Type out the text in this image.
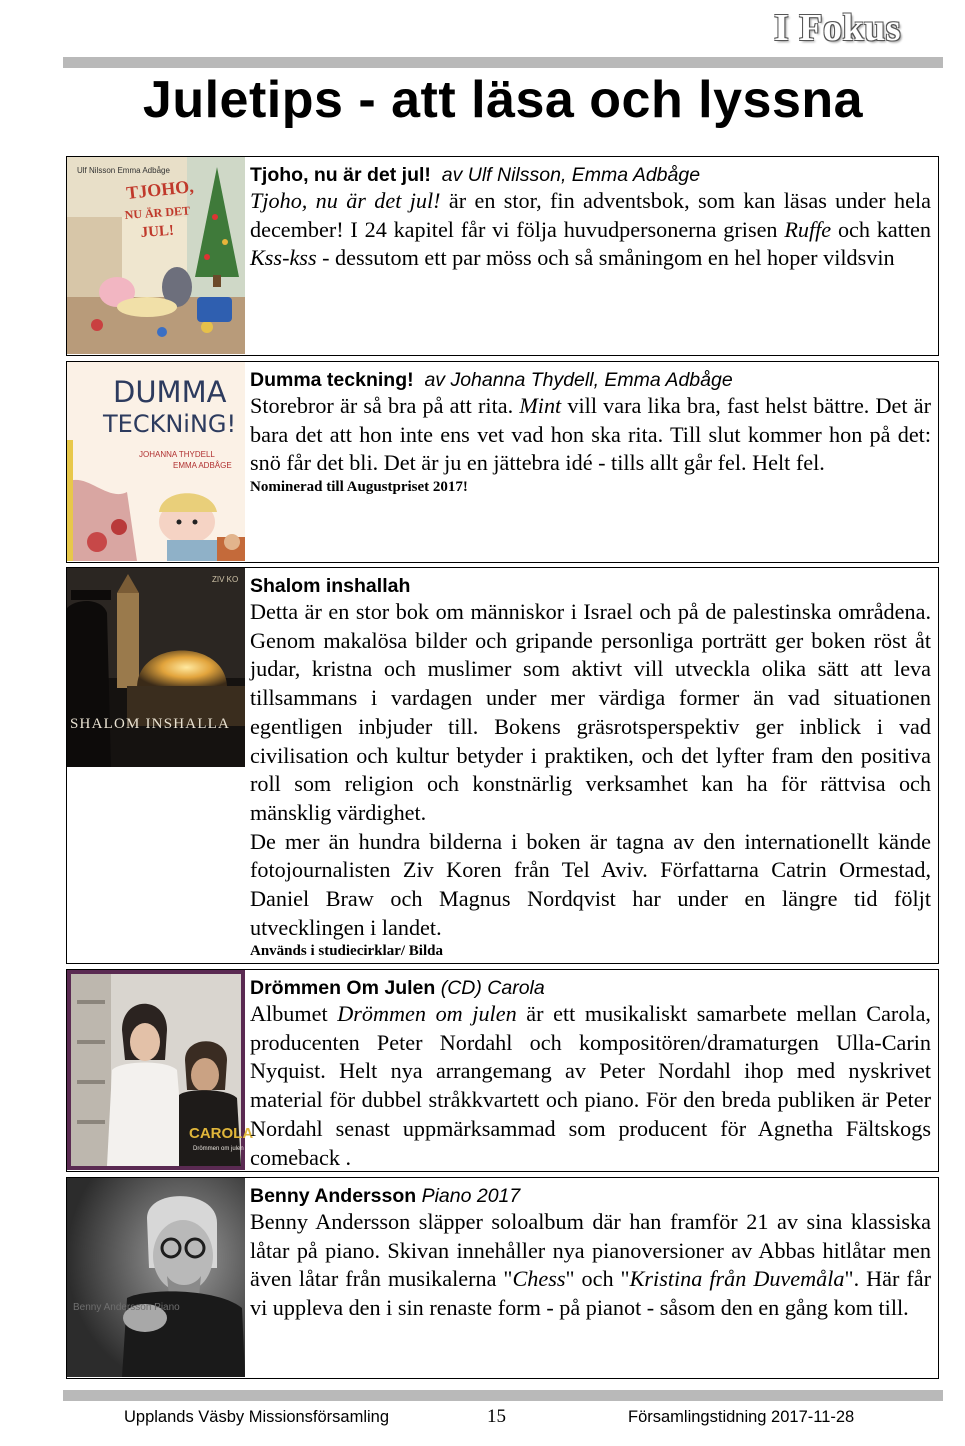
I Fokus
Juletips - att läsa och lyssna
Ulf Nilsson Emma Adbåge
TJOHO,
NU ÄR DET
JUL!
Tjoho, nu är det jul! av Ulf Nilsson, Emma Adbåge
Tjoho, nu är det jul! är en stor, fin adventsbok, som kan läsas under hela december! I 24 kapitel får vi följa huvudpersonerna grisen Ruffe och katten Kss-kss - dessutom ett par möss och så småningom en hel hoper vildsvin
DUMMA
TECKNiNG!
JOHANNA THYDELL
EMMA ADBÅGE
Dumma teckning! av Johanna Thydell, Emma Adbåge
Storebror är så bra på att rita. Mint vill vara lika bra, fast helst bättre. Det är bara det att hon inte ens vet vad hon ska rita. Till slut kommer hon på det: snö får det bli. Det är ju en jättebra idé - tills allt går fel. Helt fel.
Nominerad till Augustpriset 2017!
ZIV KO
SHALOM INSHALLA
Shalom inshallah
Detta är en stor bok om människor i Israel och på de palestinska områdena. Genom makalösa bilder och gripande personliga porträtt ger boken röst åt judar, kristna och muslimer som aktivt vill utveckla olika sätt att leva tillsammans i vardagen under mer värdiga former än vad situationen egentligen inbjuder till. Bokens gräsrotsperspektiv ger inblick i vad civilisation och kultur betyder i praktiken, och det lyfter fram den positiva roll som religion och konstnärlig verksamhet kan ha för rättvisa och mänsklig värdighet.
De mer än hundra bilderna i boken är tagna av den internationellt kände fotojournalisten Ziv Koren från Tel Aviv. Författarna Catrin Ormestad, Daniel Braw och Magnus Nordqvist har under en längre tid följt utvecklingen i landet.
Används i studiecirklar/ Bilda
CAROLA
Drömmen om julen
Drömmen Om Julen (CD) Carola
Albumet Drömmen om julen är ett musikaliskt samarbete mellan Carola, producenten Peter Nordahl och kompositören/dramaturgen Ulla-Carin Nyquist. Helt nya arrangemang av Peter Nordahl ihop med nyskrivet material för dubbel stråkkvartett och piano. För den breda publiken är Peter Nordahl senast uppmärksammad som producent för Agnetha Fältskogs comeback .
Benny Andersson Piano
Benny Andersson Piano 2017
Benny Andersson släpper soloalbum där han framför 21 av sina klassiska låtar på piano. Skivan innehåller nya pianoversioner av Abbas hitlåtar men även låtar från musikalerna "Chess" och "Kristina från Duvemåla". Här får vi uppleva den i sin renaste form - på pianot - såsom den en gång kom till.
Upplands Väsby Missionsförsamling	15	Församlingstidning 2017-11-28
